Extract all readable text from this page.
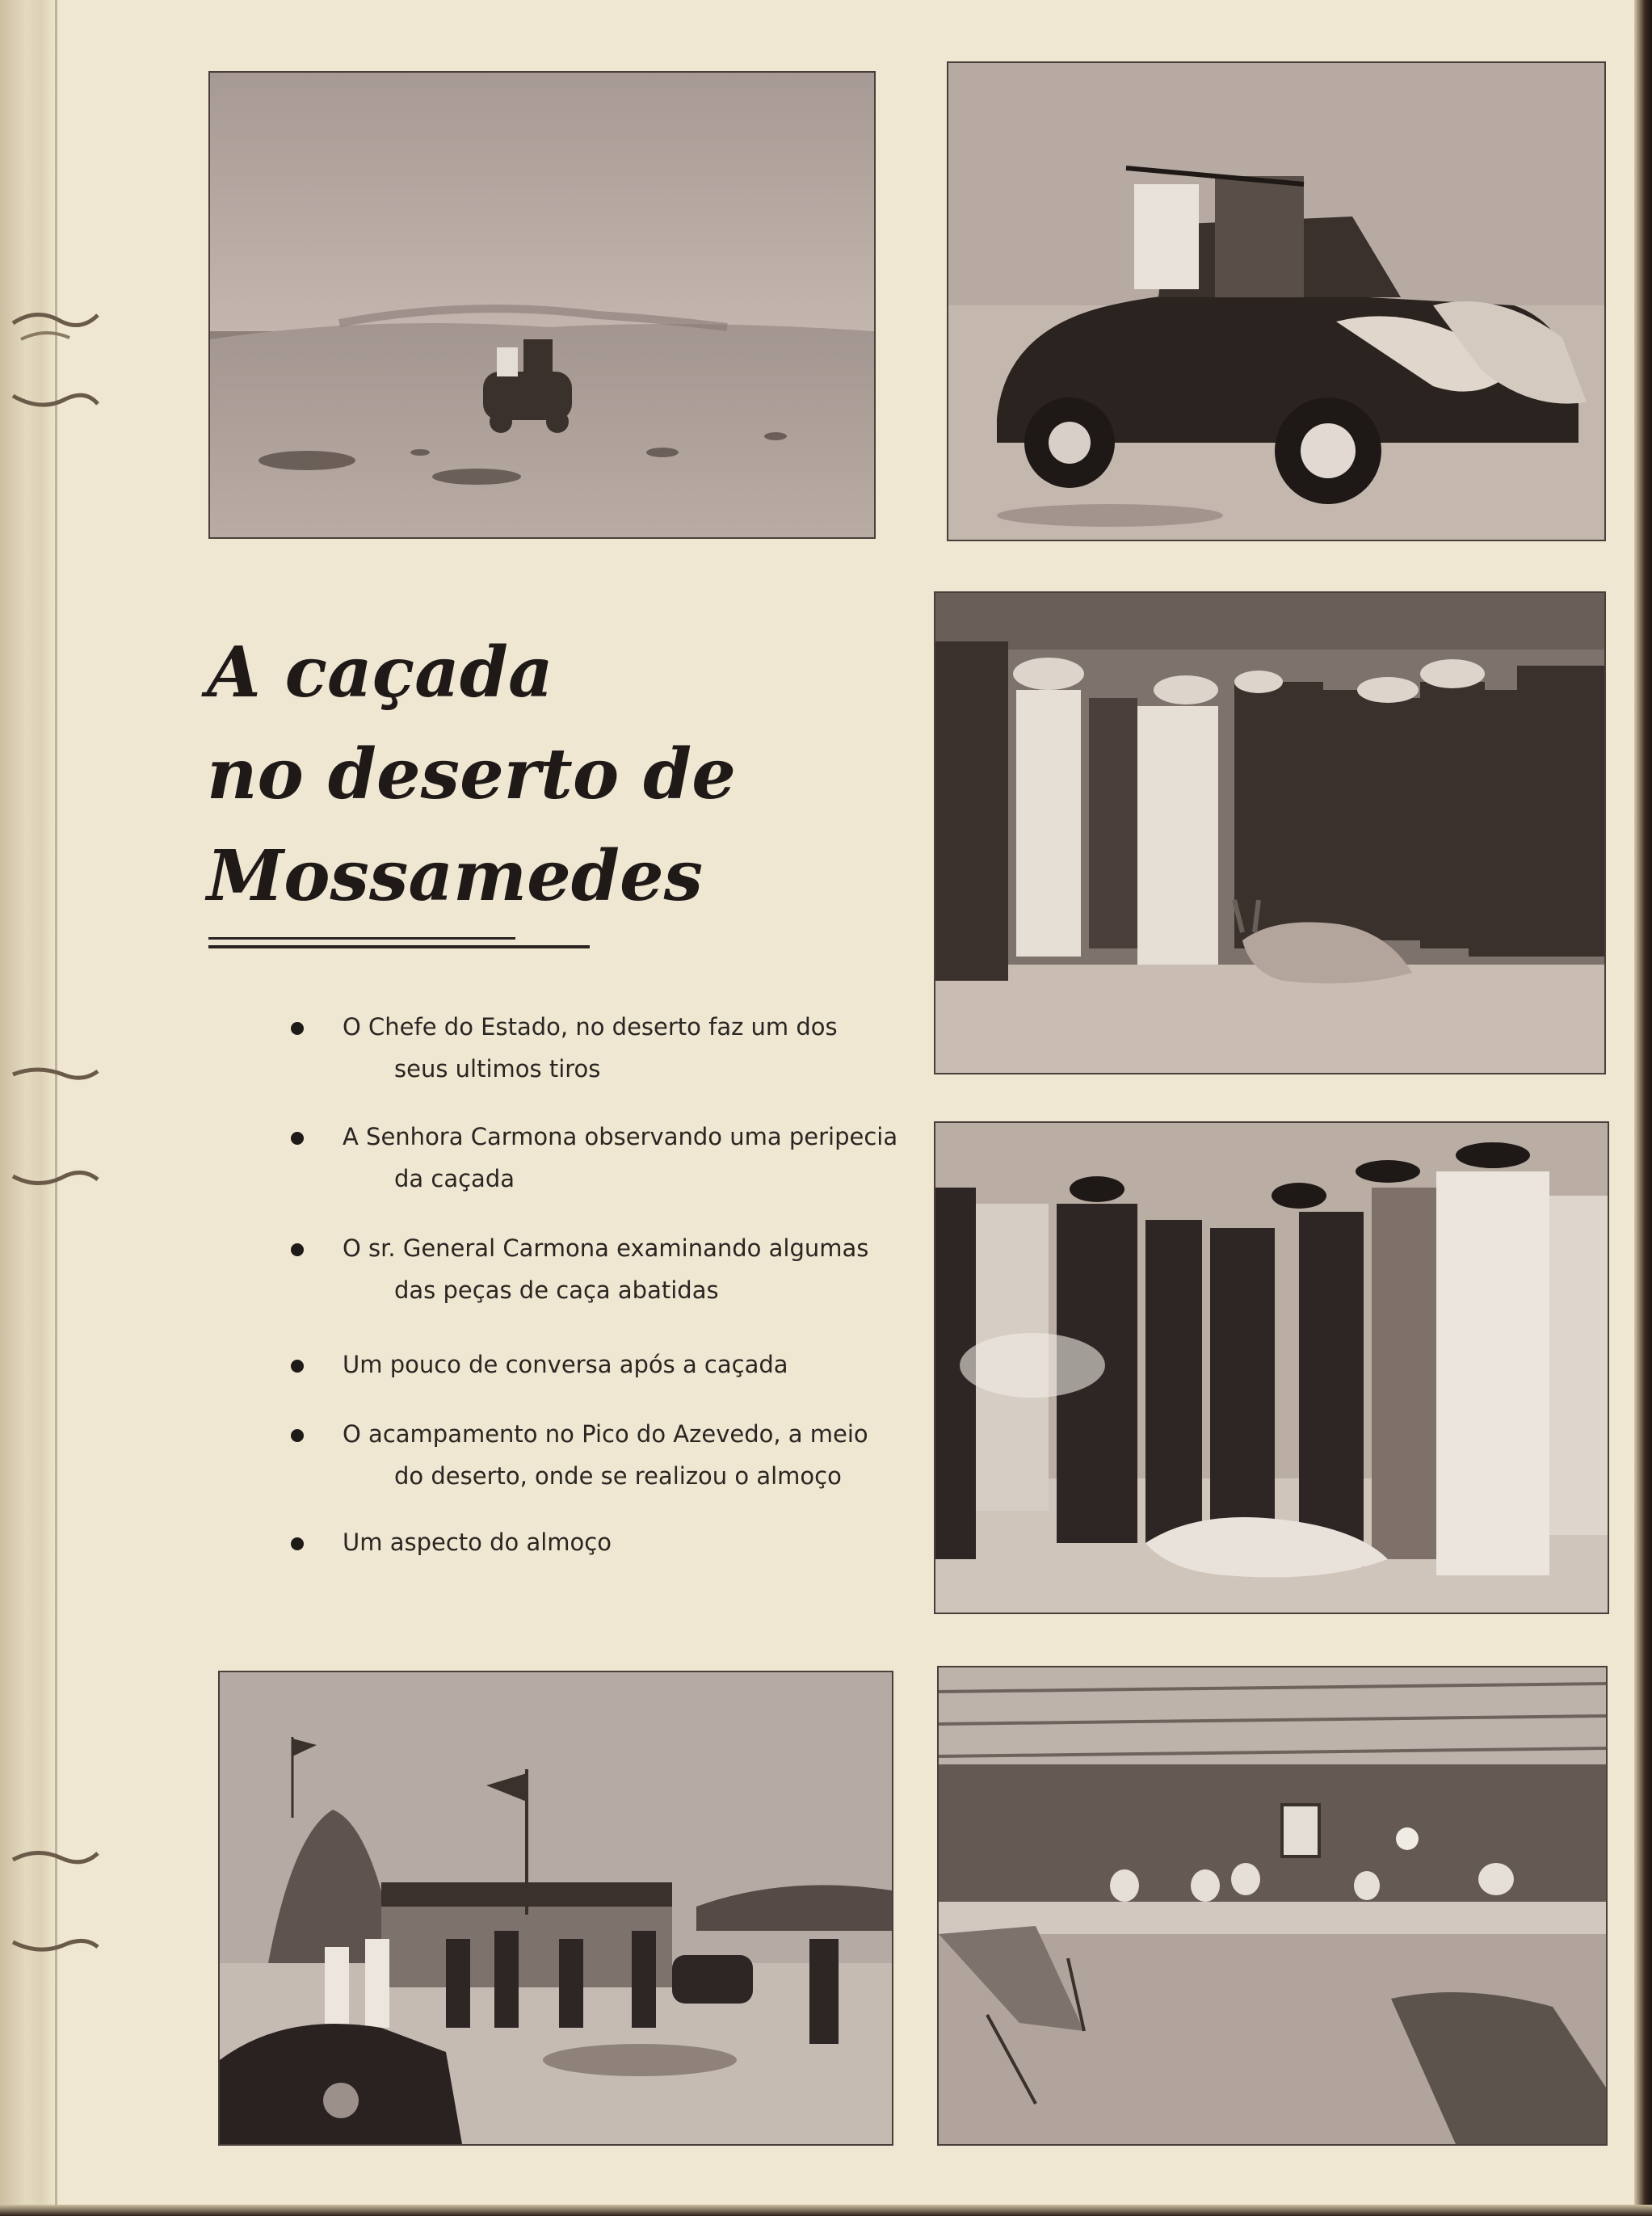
A caçada
no deserto de
Mossamedes
O Chefe do Estado, no deserto faz um dos
seus ultimos tiros
A Senhora Carmona observando uma peripecia
da caçada
O sr. General Carmona examinando algumas
das peças de caça abatidas
Um pouco de conversa após a caçada
O acampamento no Pico do Azevedo, a meio
do deserto, onde se realizou o almoço
Um aspecto do almoço
